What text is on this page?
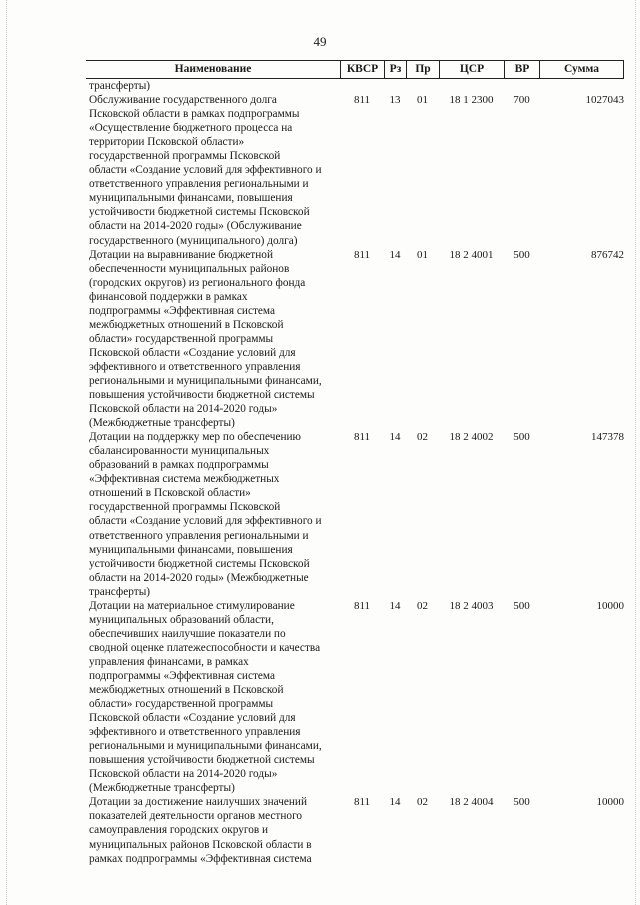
49
Наименование	КВСР	Рз	Пр	ЦСР	ВР	Сумма
трансферты)
Обслуживание государственного долга
Псковской области в рамках подпрограммы
«Осуществление бюджетного процесса на
территории Псковской области»
государственной программы Псковской
области «Создание условий для эффективного и
ответственного управления региональными и
муниципальными финансами, повышения
устойчивости бюджетной системы Псковской
области на 2014-2020 годы» (Обслуживание
государственного (муниципального) долга)
811	13	01	18 1 2300	700	1027043
Дотации на выравнивание бюджетной
обеспеченности муниципальных районов
(городских округов) из регионального фонда
финансовой поддержки в рамках
подпрограммы «Эффективная система
межбюджетных отношений в Псковской
области» государственной программы
Псковской области «Создание условий для
эффективного и ответственного управления
региональными и муниципальными финансами,
повышения устойчивости бюджетной системы
Псковской области на 2014-2020 годы»
(Межбюджетные трансферты)
811	14	01	18 2 4001	500	876742
Дотации на поддержку мер по обеспечению
сбалансированности муниципальных
образований в рамках подпрограммы
«Эффективная система межбюджетных
отношений в Псковской области»
государственной программы Псковской
области «Создание условий для эффективного и
ответственного управления региональными и
муниципальными финансами, повышения
устойчивости бюджетной системы Псковской
области на 2014-2020 годы» (Межбюджетные
трансферты)
811	14	02	18 2 4002	500	147378
Дотации на материальное стимулирование
муниципальных образований области,
обеспечивших наилучшие показатели по
сводной оценке платежеспособности и качества
управления финансами, в рамках
подпрограммы «Эффективная система
межбюджетных отношений в Псковской
области» государственной программы
Псковской области «Создание условий для
эффективного и ответственного управления
региональными и муниципальными финансами,
повышения устойчивости бюджетной системы
Псковской области на 2014-2020 годы»
(Межбюджетные трансферты)
811	14	02	18 2 4003	500	10000
Дотации за достижение наилучших значений
показателей деятельности органов местного
самоуправления городских округов и
муниципальных районов Псковской области в
рамках подпрограммы «Эффективная система
811	14	02	18 2 4004	500	10000
